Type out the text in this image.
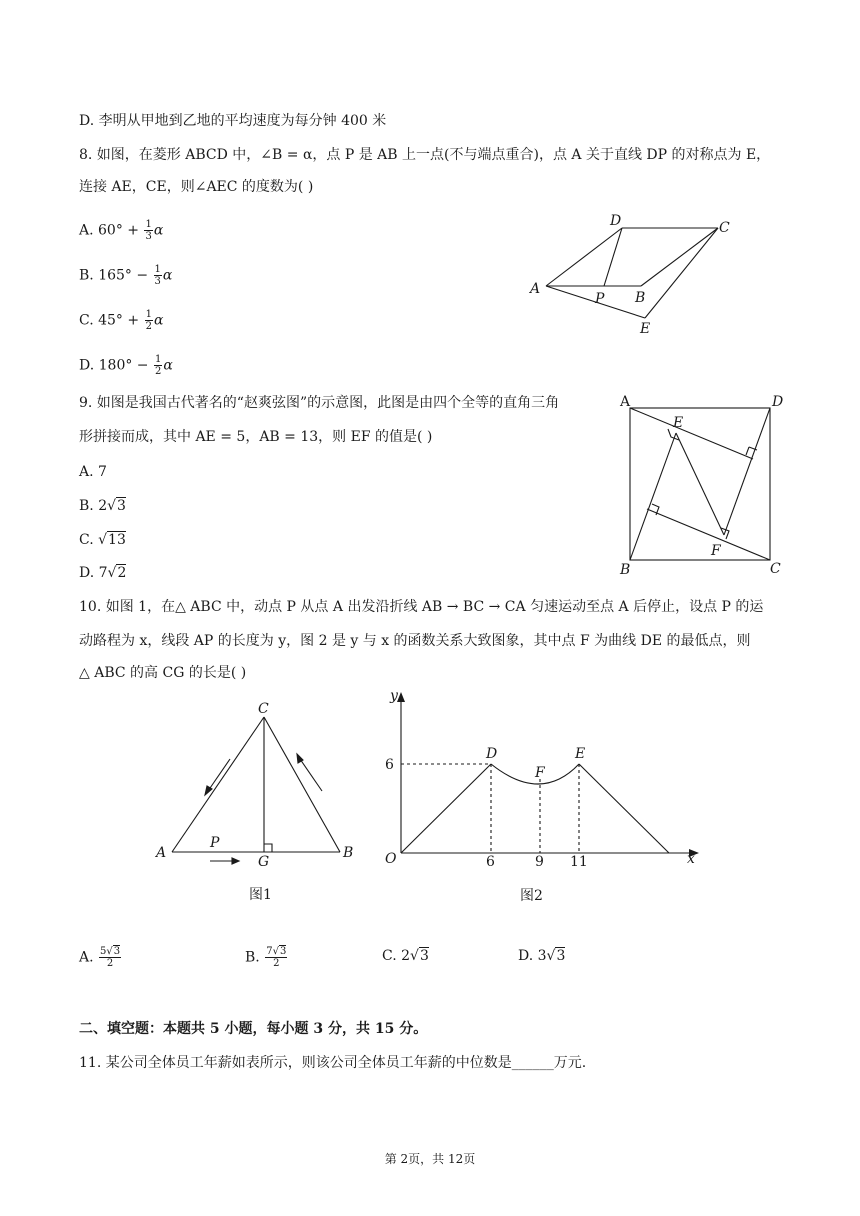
D. 李明从甲地到乙地的平均速度为每分钟 400 米
8. 如图，在菱形 ABCD 中，∠B = α，点 P 是 AB 上一点(不与端点重合)，点 A 关于直线 DP 的对称点为 E，
连接 AE，CE，则∠AEC 的度数为( )
A. $60^\circ + \frac{1}{3}$ α
B. $165^\circ - \frac{1}{3}$ α
C. $45^\circ + \frac{1}{2}$ α
D. $180^\circ - \frac{1}{2}$ α
A
D	C
P B
E
9. 如图是我国古代著名的“赵爽弦图”的示意图，此图是由四个全等的直角三角
形拼接而成，其中 AE = 5，AB = 13，则 EF 的值是( )
A. 7
B. 2√3
C. √13
D. 7√2
A	D
E
F
B	C
10. 如图 1，在△ ABC 中，动点 P 从点 A 出发沿折线 AB → BC → CA 匀速运动至点 A 后停止，设点 P 的运
动路程为 x，线段 AP 的长度为 y，图 2 是 y 与 x 的函数关系大致图象，其中点 F 为曲线 DE 的最低点，则
△ ABC 的高 CG 的长是( )
C
A	B
G
P
图1
y
x
O
6
6	9 11
D
F
E
图2
A. $\frac{5√3}{2}$	B. $\frac{7√3}{2}$	C. 2√3	D. 3√3
二、填空题：本题共 5 小题，每小题 3 分，共 15 分。
11. 某公司全体员工年薪如表所示，则该公司全体员工年薪的中位数是______万元.
第 2页，共 12页
